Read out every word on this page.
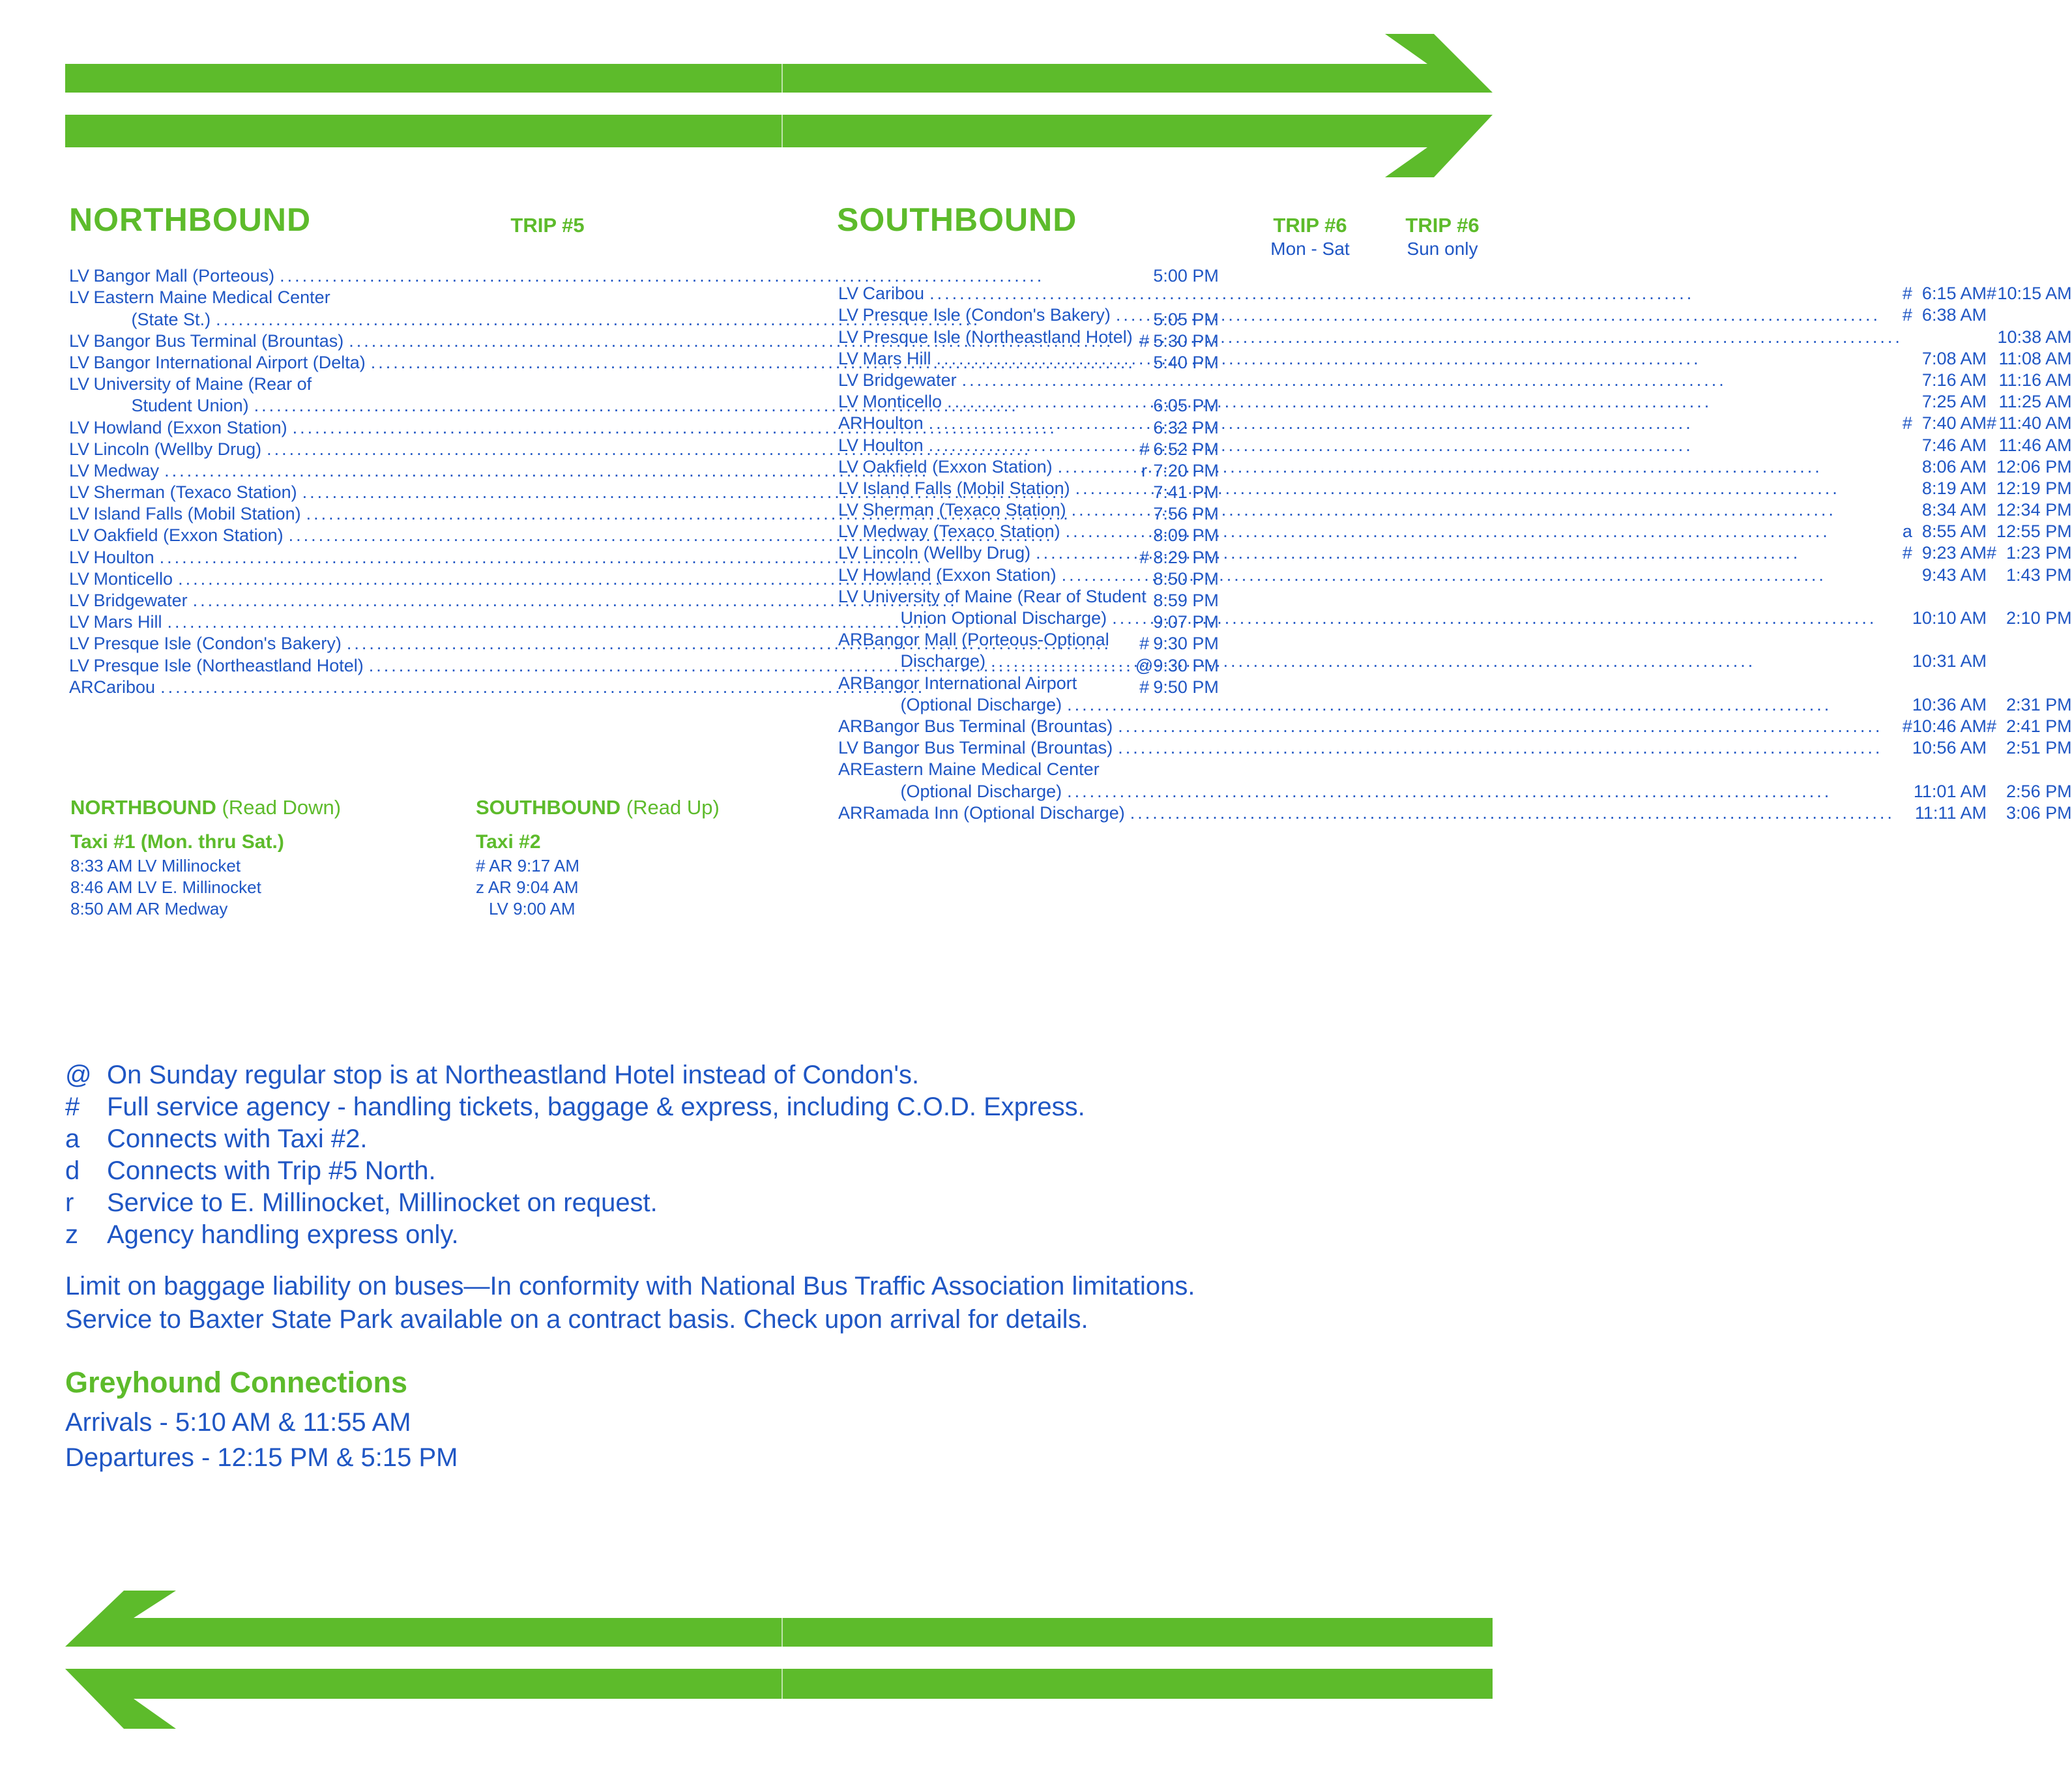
NORTHBOUND	TRIP #5	SOUTHBOUND	TRIP #6
Mon - Sat
TRIP #6
Sun only
LV	Bangor Mall (Porteous)
.....		5:00 PM
LV	Eastern Maine Medical Center		

	(State St.)
.....		5:05 PM
LV	Bangor Bus Terminal (Brountas)
.....	#	5:30 PM
LV	Bangor International Airport (Delta)
.....		5:40 PM
LV	University of Maine (Rear of		

	Student Union)
.....		6:05 PM
LV	Howland (Exxon Station)
.....		6:32 PM
LV	Lincoln (Wellby Drug)
.....	#	6:52 PM
LV	Medway
.....	r	7:20 PM
LV	Sherman (Texaco Station)
.....		7:41 PM
LV	Island Falls (Mobil Station)
.....		7:56 PM
LV	Oakfield (Exxon Station)
.....		8:09 PM
LV	Houlton
.....	#	8:29 PM
LV	Monticello
.....		8:50 PM
LV	Bridgewater
.....		8:59 PM
LV	Mars Hill
.....		9:07 PM
LV	Presque Isle (Condon's Bakery)
.....	#	9:30 PM
LV	Presque Isle (Northeastland Hotel)
.....	@	9:30 PM
AR	Caribou
.....	#	9:50 PM
LV	Caribou
.....	#	6:15 AM	#	10:15 AM
LV	Presque Isle (Condon's Bakery)
.....	#	6:38 AM		
LV	Presque Isle (Northeastland Hotel)
.....				10:38 AM
LV	Mars Hill
.....		7:08 AM		11:08 AM
LV	Bridgewater
.....		7:16 AM		11:16 AM
LV	Monticello
.....		7:25 AM		11:25 AM
AR	Houlton
.....	#	7:40 AM	#	11:40 AM
LV	Houlton
.....		7:46 AM		11:46 AM
LV	Oakfield (Exxon Station)
.....		8:06 AM		12:06 PM
LV	Island Falls (Mobil Station)
.....		8:19 AM		12:19 PM
LV	Sherman (Texaco Station)
.....		8:34 AM		12:34 PM
LV	Medway (Texaco Station)
.....	a	8:55 AM		12:55 PM
LV	Lincoln (Wellby Drug)
.....	#	9:23 AM	#	1:23 PM
LV	Howland (Exxon Station)
.....		9:43 AM		1:43 PM
LV	University of Maine (Rear of Student				

	Union Optional Discharge)
.....		10:10 AM		2:10 PM
AR	Bangor Mall (Porteous-Optional				

	Discharge)
.....		10:31 AM		
AR	Bangor International Airport				

	(Optional Discharge)
.....		10:36 AM		2:31 PM
AR	Bangor Bus Terminal (Brountas)
.....	#	10:46 AM	#	2:41 PM
LV	Bangor Bus Terminal (Brountas)
.....		10:56 AM		2:51 PM
AR	Eastern Maine Medical Center				

	(Optional Discharge)
.....		11:01 AM		2:56 PM
AR	Ramada Inn (Optional Discharge)
.....		11:11 AM		3:06 PM
NORTHBOUND (Read Down)
Taxi #1 (Mon. thru Sat.)
8:33 AM LV Millinocket
8:46 AM LV E. Millinocket
8:50 AM AR Medway
SOUTHBOUND (Read Up)
Taxi #2
# AR 9:17 AM
z AR 9:04 AM
LV 9:00 AM
@ On Sunday regular stop is at Northeastland Hotel instead of Condon's.
#	Full service agency - handling tickets, baggage & express, including C.O.D. Express.
a	Connects with Taxi #2.
d	Connects with Trip #5 North.
r	Service to E. Millinocket, Millinocket on request.
z	Agency handling express only.
Limit on baggage liability on buses—In conformity with National Bus Traffic Association limitations.
Service to Baxter State Park available on a contract basis. Check upon arrival for details.
Greyhound Connections
Arrivals - 5:10 AM & 11:55 AM
Departures - 12:15 PM & 5:15 PM
